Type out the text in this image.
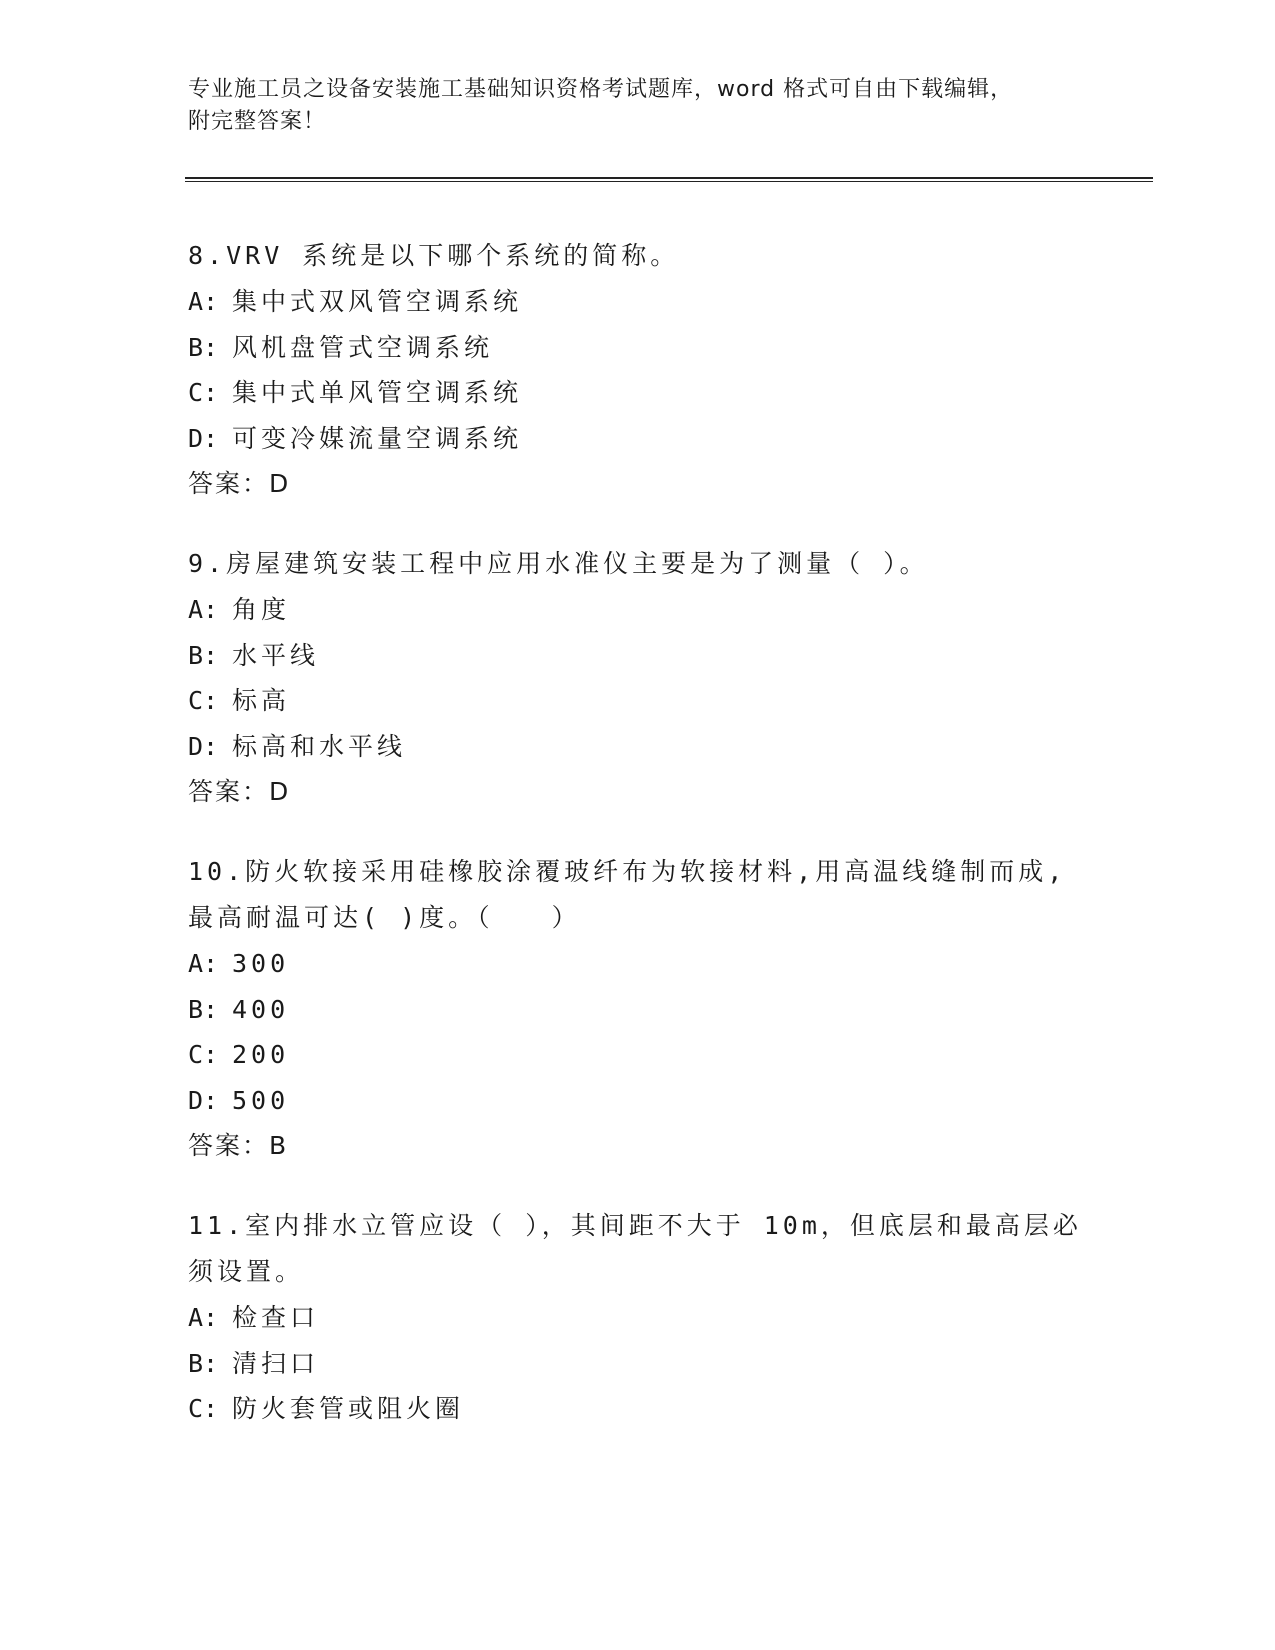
专业施工员之设备安装施工基础知识资格考试题库，word 格式可自由下载编辑，
附完整答案！

8.VRV 系统是以下哪个系统的简称。

A: 集中式双风管空调系统
B: 风机盘管式空调系统
C: 集中式单风管空调系统
D: 可变冷媒流量空调系统
答案：D

9.房屋建筑安装工程中应用水准仪主要是为了测量（ ）。

A: 角度
B: 水平线
C: 标高
D: 标高和水平线
答案：D

10.防火软接采用硅橡胶涂覆玻纤布为软接材料,用高温线缝制而成,最高耐温可达( )度。（　　）

A: 300
B: 400
C: 200
D: 500
答案：B

11.室内排水立管应设（ ），其间距不大于 10m，但底层和最高层必须设置。

A: 检查口
B: 清扫口
C: 防火套管或阻火圈
